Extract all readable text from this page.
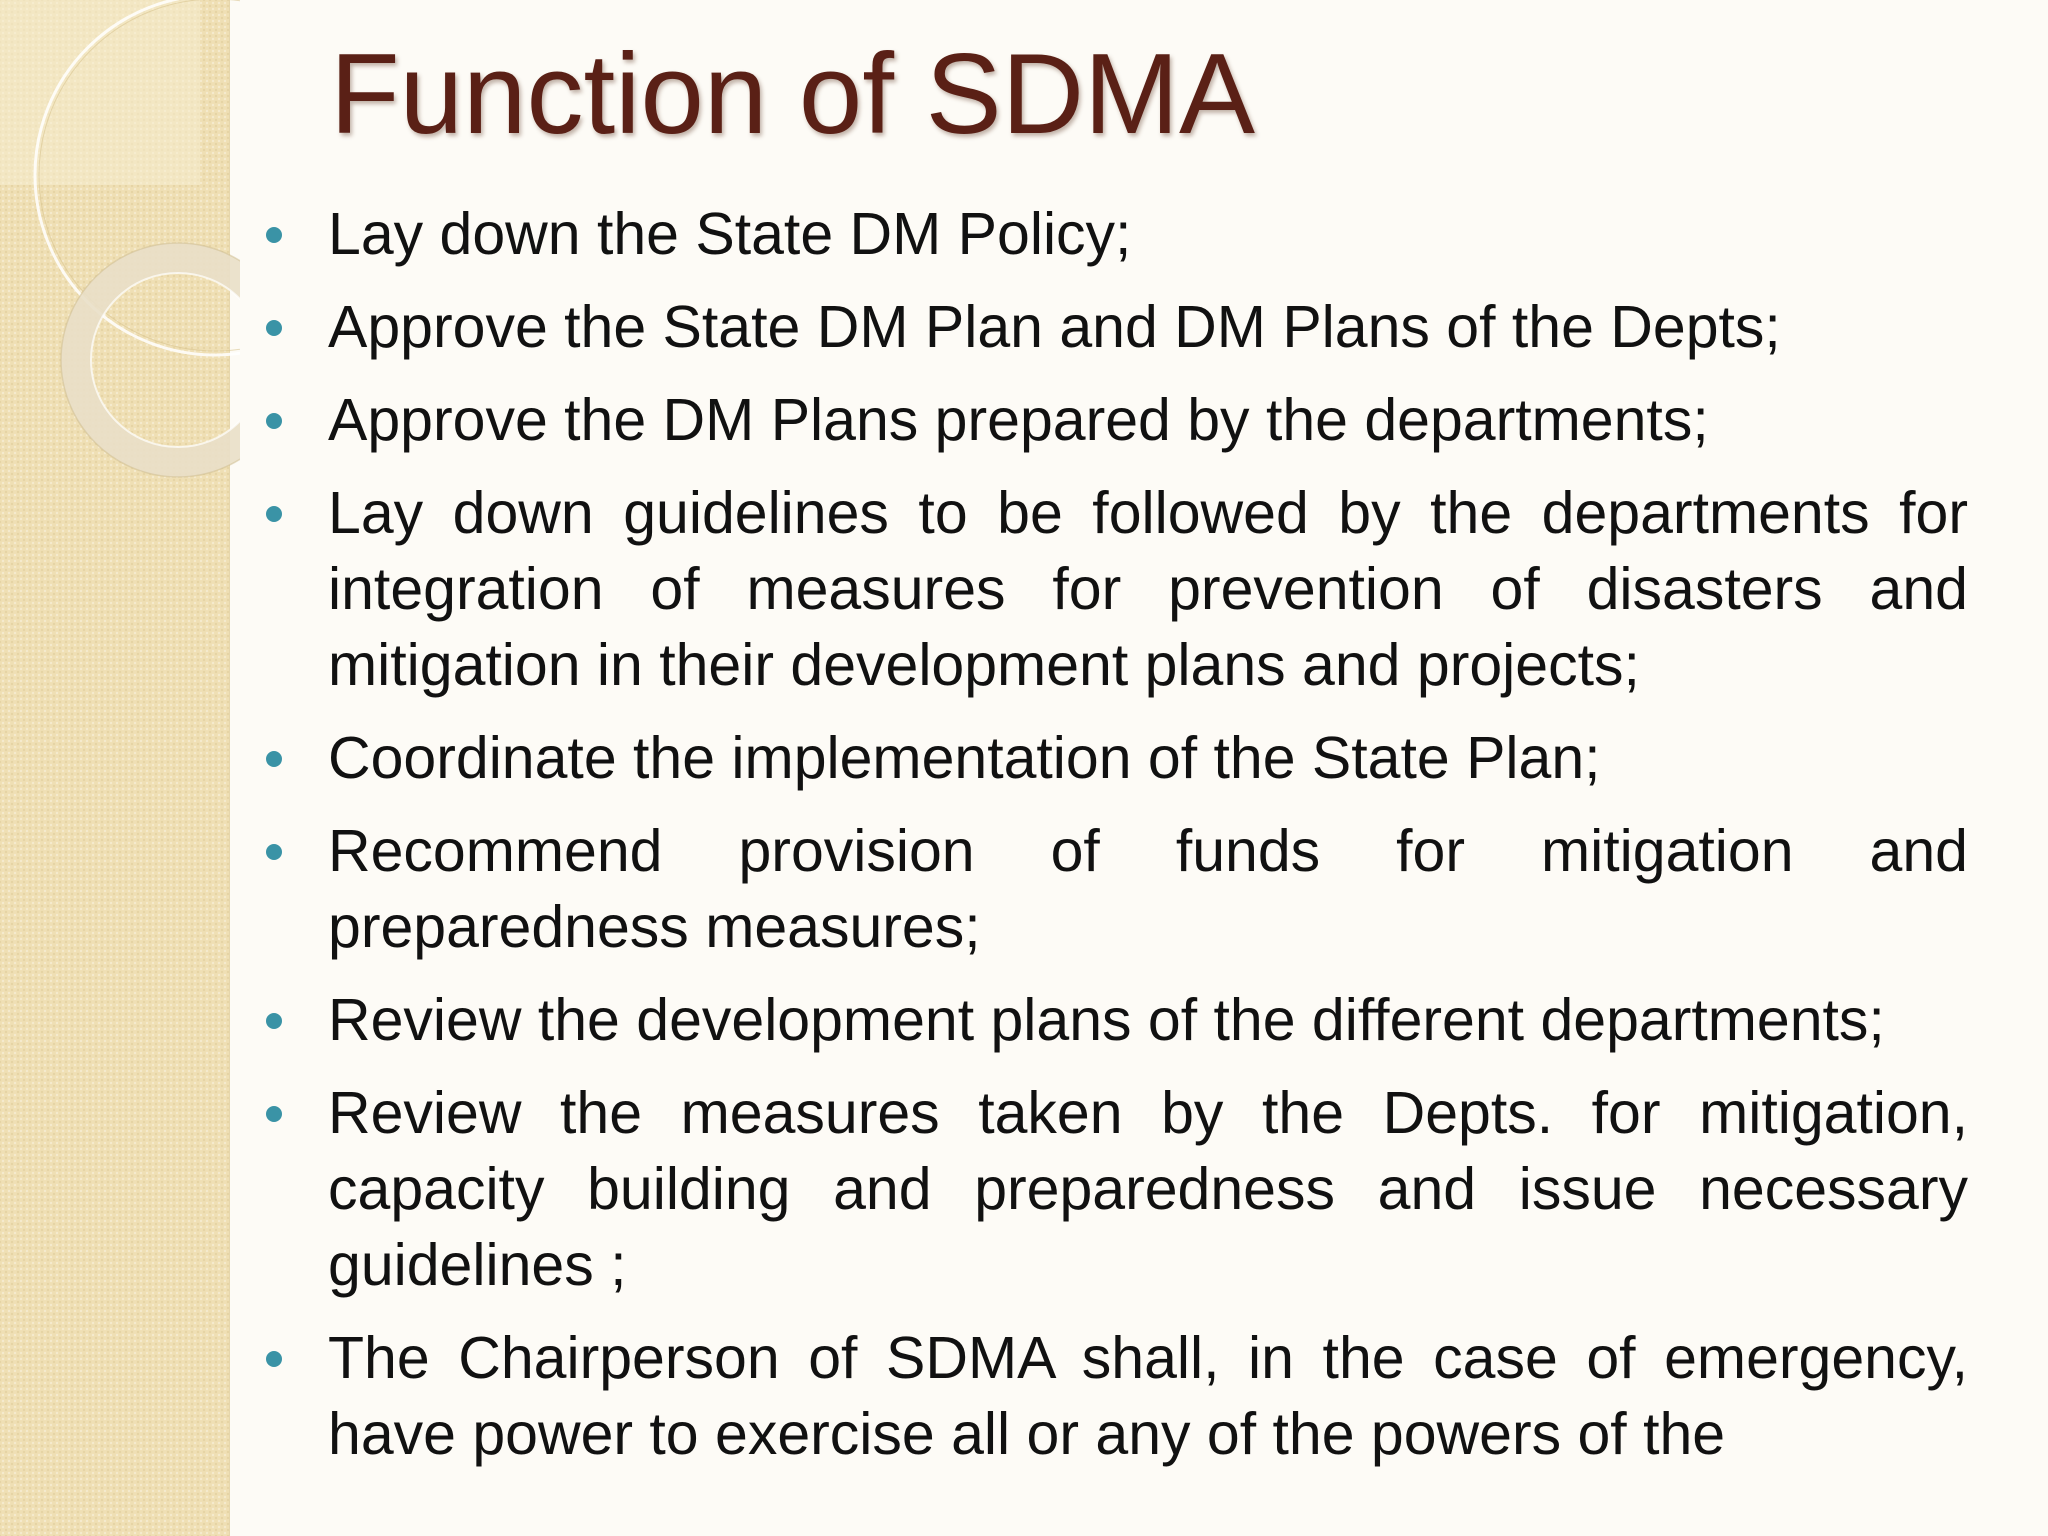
Function of SDMA
Lay down the State DM Policy;
Approve the State DM Plan and DM Plans of the Depts;
Approve the DM Plans prepared by the departments;
Lay down guidelines to be followed by the departments for integration of measures for prevention of disasters and mitigation in their development plans and projects;
Coordinate the implementation of the State Plan;
Recommend provision of funds for mitigation and preparedness measures;
Review the development plans of the different departments;
Review the measures taken by the Depts. for mitigation, capacity building and preparedness and issue necessary guidelines ;
The Chairperson of SDMA shall, in the case of emergency, have power to exercise all or any of the powers of the
